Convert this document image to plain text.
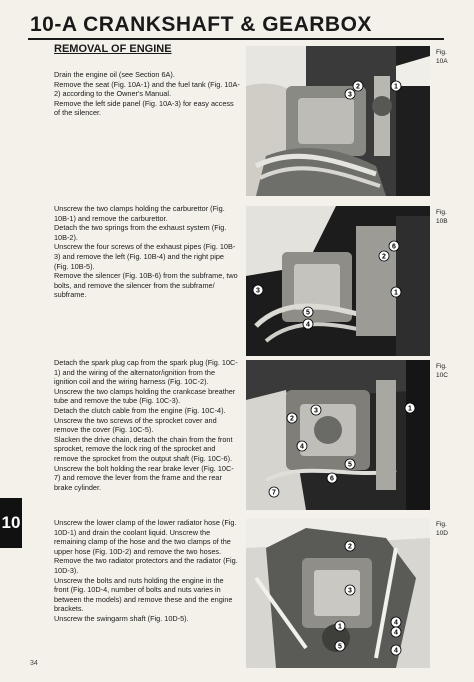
10-A CRANKSHAFT & GEARBOX
REMOVAL OF ENGINE

Drain the engine oil (see Section 6A).

Remove the seat (Fig. 10A-1) and the fuel tank (Fig. 10A-2) according to the Owner's Manual.

Remove the left side panel (Fig. 10A-3) for easy access of the silencer.

Unscrew the two clamps holding the carburettor (Fig. 10B-1) and remove the carburettor.

Detach the two springs from the exhaust system (Fig. 10B-2).

Unscrew the four screws of the exhaust pipes (Fig. 10B-3) and remove the left (Fig. 10B-4) and the right pipe (Fig. 10B-5).

Remove the silencer (Fig. 10B-6) from the subframe, two bolts, and remove the silencer from the subframe/ subframe.

Detach the spark plug cap from the spark plug (Fig. 10C-1) and the wiring of the alternator/ignition from the ignition coil and the wiring harness (Fig. 10C-2).

Unscrew the two clamps holding the crankcase breather tube and remove the tube (Fig. 10C-3).

Detach the clutch cable from the engine (Fig. 10C-4).

Unscrew the two screws of the sprocket cover and remove the cover (Fig. 10C-5).

Slacken the drive chain, detach the chain from the front sprocket, remove the lock ring of the sprocket and remove the sprocket from the output shaft (Fig. 10C-6).

Unscrew the bolt holding the rear brake lever (Fig. 10C-7) and remove the lever from the frame and the rear brake cylinder.

Unscrew the lower clamp of the lower radiator hose (Fig. 10D-1) and drain the coolant liquid. Unscrew the remaining clamp of the hose and the two clamps of the upper hose (Fig. 10D-2) and remove the two hoses.

Remove the two radiator protectors and the radiator (Fig. 10D-3).

Unscrew the bolts and nuts holding the engine in the front (Fig. 10D-4, number of bolts and nuts varies in between the models) and remove these and the engine brackets.

Unscrew the swingarm shaft (Fig. 10D-5).

1
2
3
Fig.
10A
1
2
3
4
5
6
Fig.
10B
1
2
3
4
5
6
7
Fig.
10C
1
2
3
4
4
4
5
Fig.
10D
10
34
